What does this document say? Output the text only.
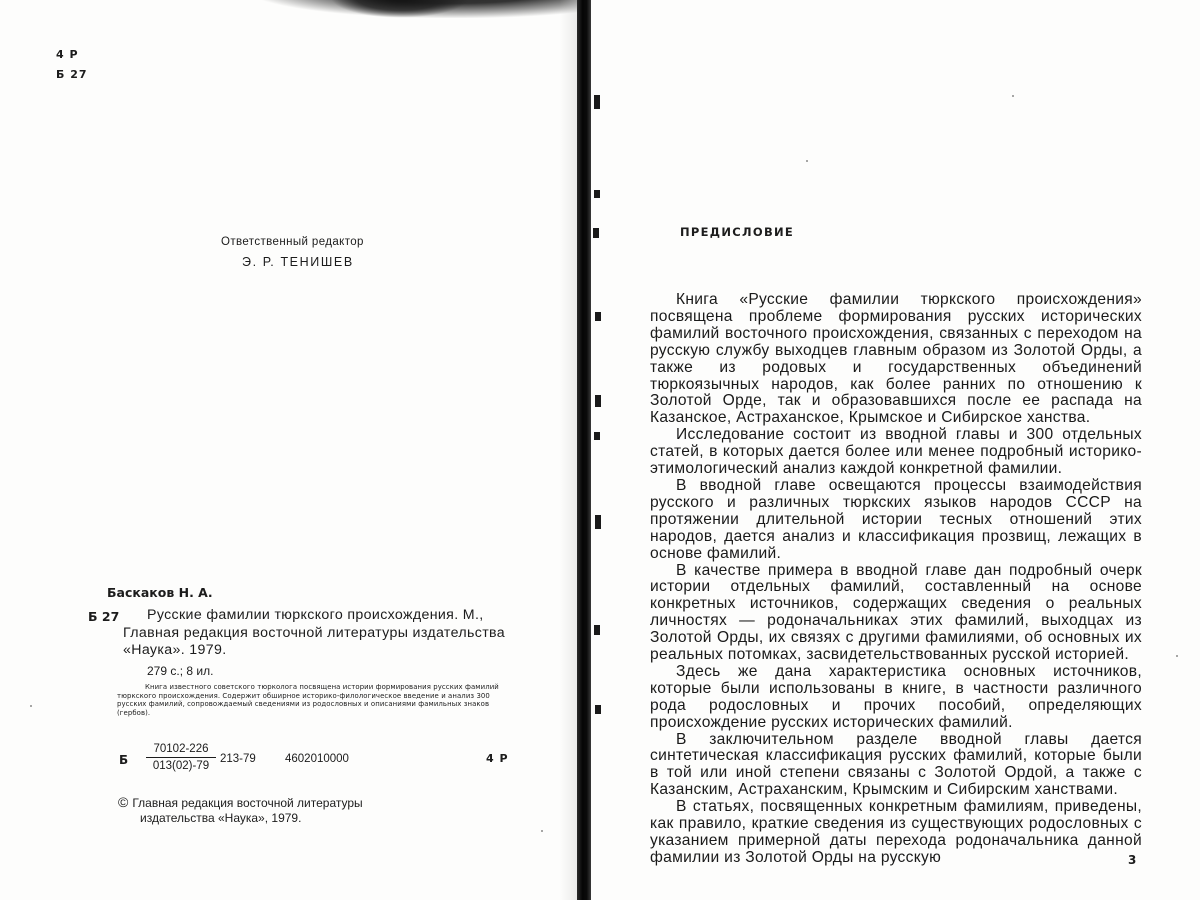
4 Р
Б 27
Ответственный редактор
Э. Р. ТЕНИШЕВ
Баскаков Н. А.
Б 27	Русские фамилии тюркского происхождения. М., Главная редакция восточной литературы издательства «Наука». 1979.

279 с.; 8 ил.

Книга известного советского тюрколога посвящена истории формирования русских фамилий тюркского происхождения. Содержит обширное историко-филологическое введение и анализ 300 русских фамилий, сопровождаемый сведениями из родословных и описаниями фамильных знаков (гербов).

Б $\frac{70102-226}{013(02)-79} 213-79$	4602010000	4 Р
© Главная редакция восточной литературы
издательства «Наука», 1979.
ПРЕДИСЛОВИЕ

Книга «Русские фамилии тюркского происхождения» посвящена проблеме формирования русских исторических фамилий восточного происхождения, связанных с переходом на русскую службу выходцев главным образом из Золотой Орды, а также из родовых и государственных объединений тюркоязычных народов, как более ранних по отношению к Золотой Орде, так и образовавшихся после ее распада на Казанское, Астраханское, Крымское и Сибирское ханства.

Исследование состоит из вводной главы и 300 отдельных статей, в которых дается более или менее подробный историко-этимологический анализ каждой конкретной фамилии.

В вводной главе освещаются процессы взаимодействия русского и различных тюркских языков народов СССР на протяжении длительной истории тесных отношений этих народов, дается анализ и классификация прозвищ, лежащих в основе фамилий.

В качестве примера в вводной главе дан подробный очерк истории отдельных фамилий, составленный на основе конкретных источников, содержащих сведения о реальных личностях — родоначальниках этих фамилий, выходцах из Золотой Орды, их связях с другими фамилиями, об основных их реальных потомках, засвидетельствованных русской историей.

Здесь же дана характеристика основных источников, которые были использованы в книге, в частности различного рода родословных и прочих пособий, определяющих происхождение русских исторических фамилий.

В заключительном разделе вводной главы дается синтетическая классификация русских фамилий, которые были в той или иной степени связаны с Золотой Ордой, а также с Казанским, Астраханским, Крымским и Сибирским ханствами.

В статьях, посвященных конкретным фамилиям, приведены, как правило, краткие сведения из существующих родословных с указанием примерной даты перехода родоначальника данной фамилии из Золотой Орды на русскую	3
